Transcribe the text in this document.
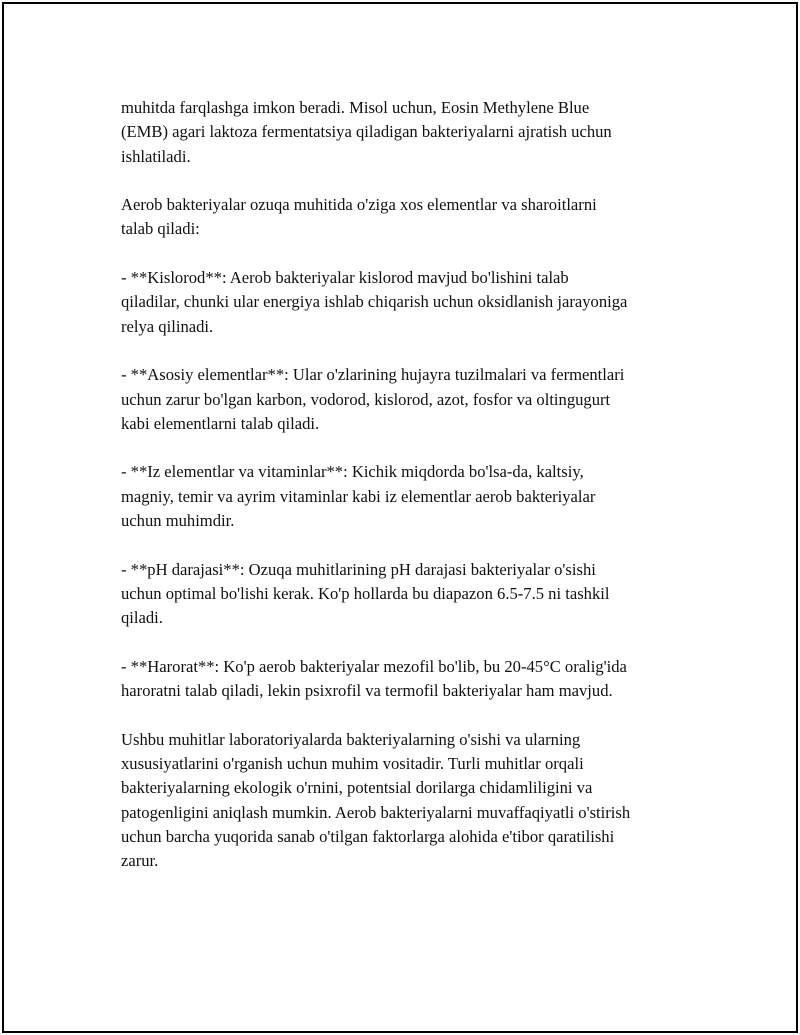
muhitda farqlashga imkon beradi. Misol uchun, Eosin Methylene Blue
(EMB) agari laktoza fermentatsiya qiladigan bakteriyalarni ajratish uchun
ishlatiladi.

Aerob bakteriyalar ozuqa muhitida o'ziga xos elementlar va sharoitlarni
talab qiladi:

- **Kislorod**: Aerob bakteriyalar kislorod mavjud bo'lishini talab
qiladilar, chunki ular energiya ishlab chiqarish uchun oksidlanish jarayoniga
relya qilinadi.

- **Asosiy elementlar**: Ular o'zlarining hujayra tuzilmalari va fermentlari
uchun zarur bo'lgan karbon, vodorod, kislorod, azot, fosfor va oltingugurt
kabi elementlarni talab qiladi.

- **Iz elementlar va vitaminlar**: Kichik miqdorda bo'lsa-da, kaltsiy,
magniy, temir va ayrim vitaminlar kabi iz elementlar aerob bakteriyalar
uchun muhimdir.

- **pH darajasi**: Ozuqa muhitlarining pH darajasi bakteriyalar o'sishi
uchun optimal bo'lishi kerak. Ko'p hollarda bu diapazon 6.5-7.5 ni tashkil
qiladi.

- **Harorat**: Ko'p aerob bakteriyalar mezofil bo'lib, bu 20-45°C oralig'ida
haroratni talab qiladi, lekin psixrofil va termofil bakteriyalar ham mavjud.

Ushbu muhitlar laboratoriyalarda bakteriyalarning o'sishi va ularning
xususiyatlarini o'rganish uchun muhim vositadir. Turli muhitlar orqali
bakteriyalarning ekologik o'rnini, potentsial dorilarga chidamliligini va
patogenligini aniqlash mumkin. Aerob bakteriyalarni muvaffaqiyatli o'stirish
uchun barcha yuqorida sanab o'tilgan faktorlarga alohida e'tibor qaratilishi
zarur.
